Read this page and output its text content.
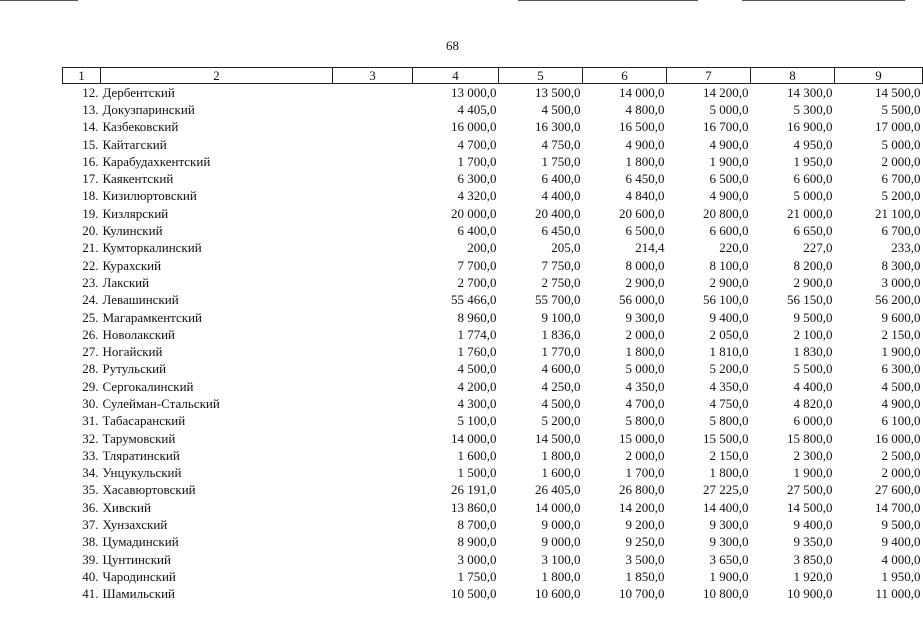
68
1	2	3	4	5	6	7	8	9
12.	Дербентский		13 000,0	13 500,0	14 000,0	14 200,0	14 300,0	14 500,0
13.	Докузпаринский		4 405,0	4 500,0	4 800,0	5 000,0	5 300,0	5 500,0
14.	Казбековский		16 000,0	16 300,0	16 500,0	16 700,0	16 900,0	17 000,0
15.	Кайтагский		4 700,0	4 750,0	4 900,0	4 900,0	4 950,0	5 000,0
16.	Карабудахкентский		1 700,0	1 750,0	1 800,0	1 900,0	1 950,0	2 000,0
17.	Каякентский		6 300,0	6 400,0	6 450,0	6 500,0	6 600,0	6 700,0
18.	Кизилюртовский		4 320,0	4 400,0	4 840,0	4 900,0	5 000,0	5 200,0
19.	Кизлярский		20 000,0	20 400,0	20 600,0	20 800,0	21 000,0	21 100,0
20.	Кулинский		6 400,0	6 450,0	6 500,0	6 600,0	6 650,0	6 700,0
21.	Кумторкалинский		200,0	205,0	214,4	220,0	227,0	233,0
22.	Курахский		7 700,0	7 750,0	8 000,0	8 100,0	8 200,0	8 300,0
23.	Лакский		2 700,0	2 750,0	2 900,0	2 900,0	2 900,0	3 000,0
24.	Левашинский		55 466,0	55 700,0	56 000,0	56 100,0	56 150,0	56 200,0
25.	Магарамкентский		8 960,0	9 100,0	9 300,0	9 400,0	9 500,0	9 600,0
26.	Новолакский		1 774,0	1 836,0	2 000,0	2 050,0	2 100,0	2 150,0
27.	Ногайский		1 760,0	1 770,0	1 800,0	1 810,0	1 830,0	1 900,0
28.	Рутульский		4 500,0	4 600,0	5 000,0	5 200,0	5 500,0	6 300,0
29.	Сергокалинский		4 200,0	4 250,0	4 350,0	4 350,0	4 400,0	4 500,0
30.	Сулейман-Стальский		4 300,0	4 500,0	4 700,0	4 750,0	4 820,0	4 900,0
31.	Табасаранский		5 100,0	5 200,0	5 800,0	5 800,0	6 000,0	6 100,0
32.	Тарумовский		14 000,0	14 500,0	15 000,0	15 500,0	15 800,0	16 000,0
33.	Тляратинский		1 600,0	1 800,0	2 000,0	2 150,0	2 300,0	2 500,0
34.	Унцукульский		1 500,0	1 600,0	1 700,0	1 800,0	1 900,0	2 000,0
35.	Хасавюртовский		26 191,0	26 405,0	26 800,0	27 225,0	27 500,0	27 600,0
36.	Хивский		13 860,0	14 000,0	14 200,0	14 400,0	14 500,0	14 700,0
37.	Хунзахский		8 700,0	9 000,0	9 200,0	9 300,0	9 400,0	9 500,0
38.	Цумадинский		8 900,0	9 000,0	9 250,0	9 300,0	9 350,0	9 400,0
39.	Цунтинский		3 000,0	3 100,0	3 500,0	3 650,0	3 850,0	4 000,0
40.	Чародинский		1 750,0	1 800,0	1 850,0	1 900,0	1 920,0	1 950,0
41.	Шамильский		10 500,0	10 600,0	10 700,0	10 800,0	10 900,0	11 000,0
